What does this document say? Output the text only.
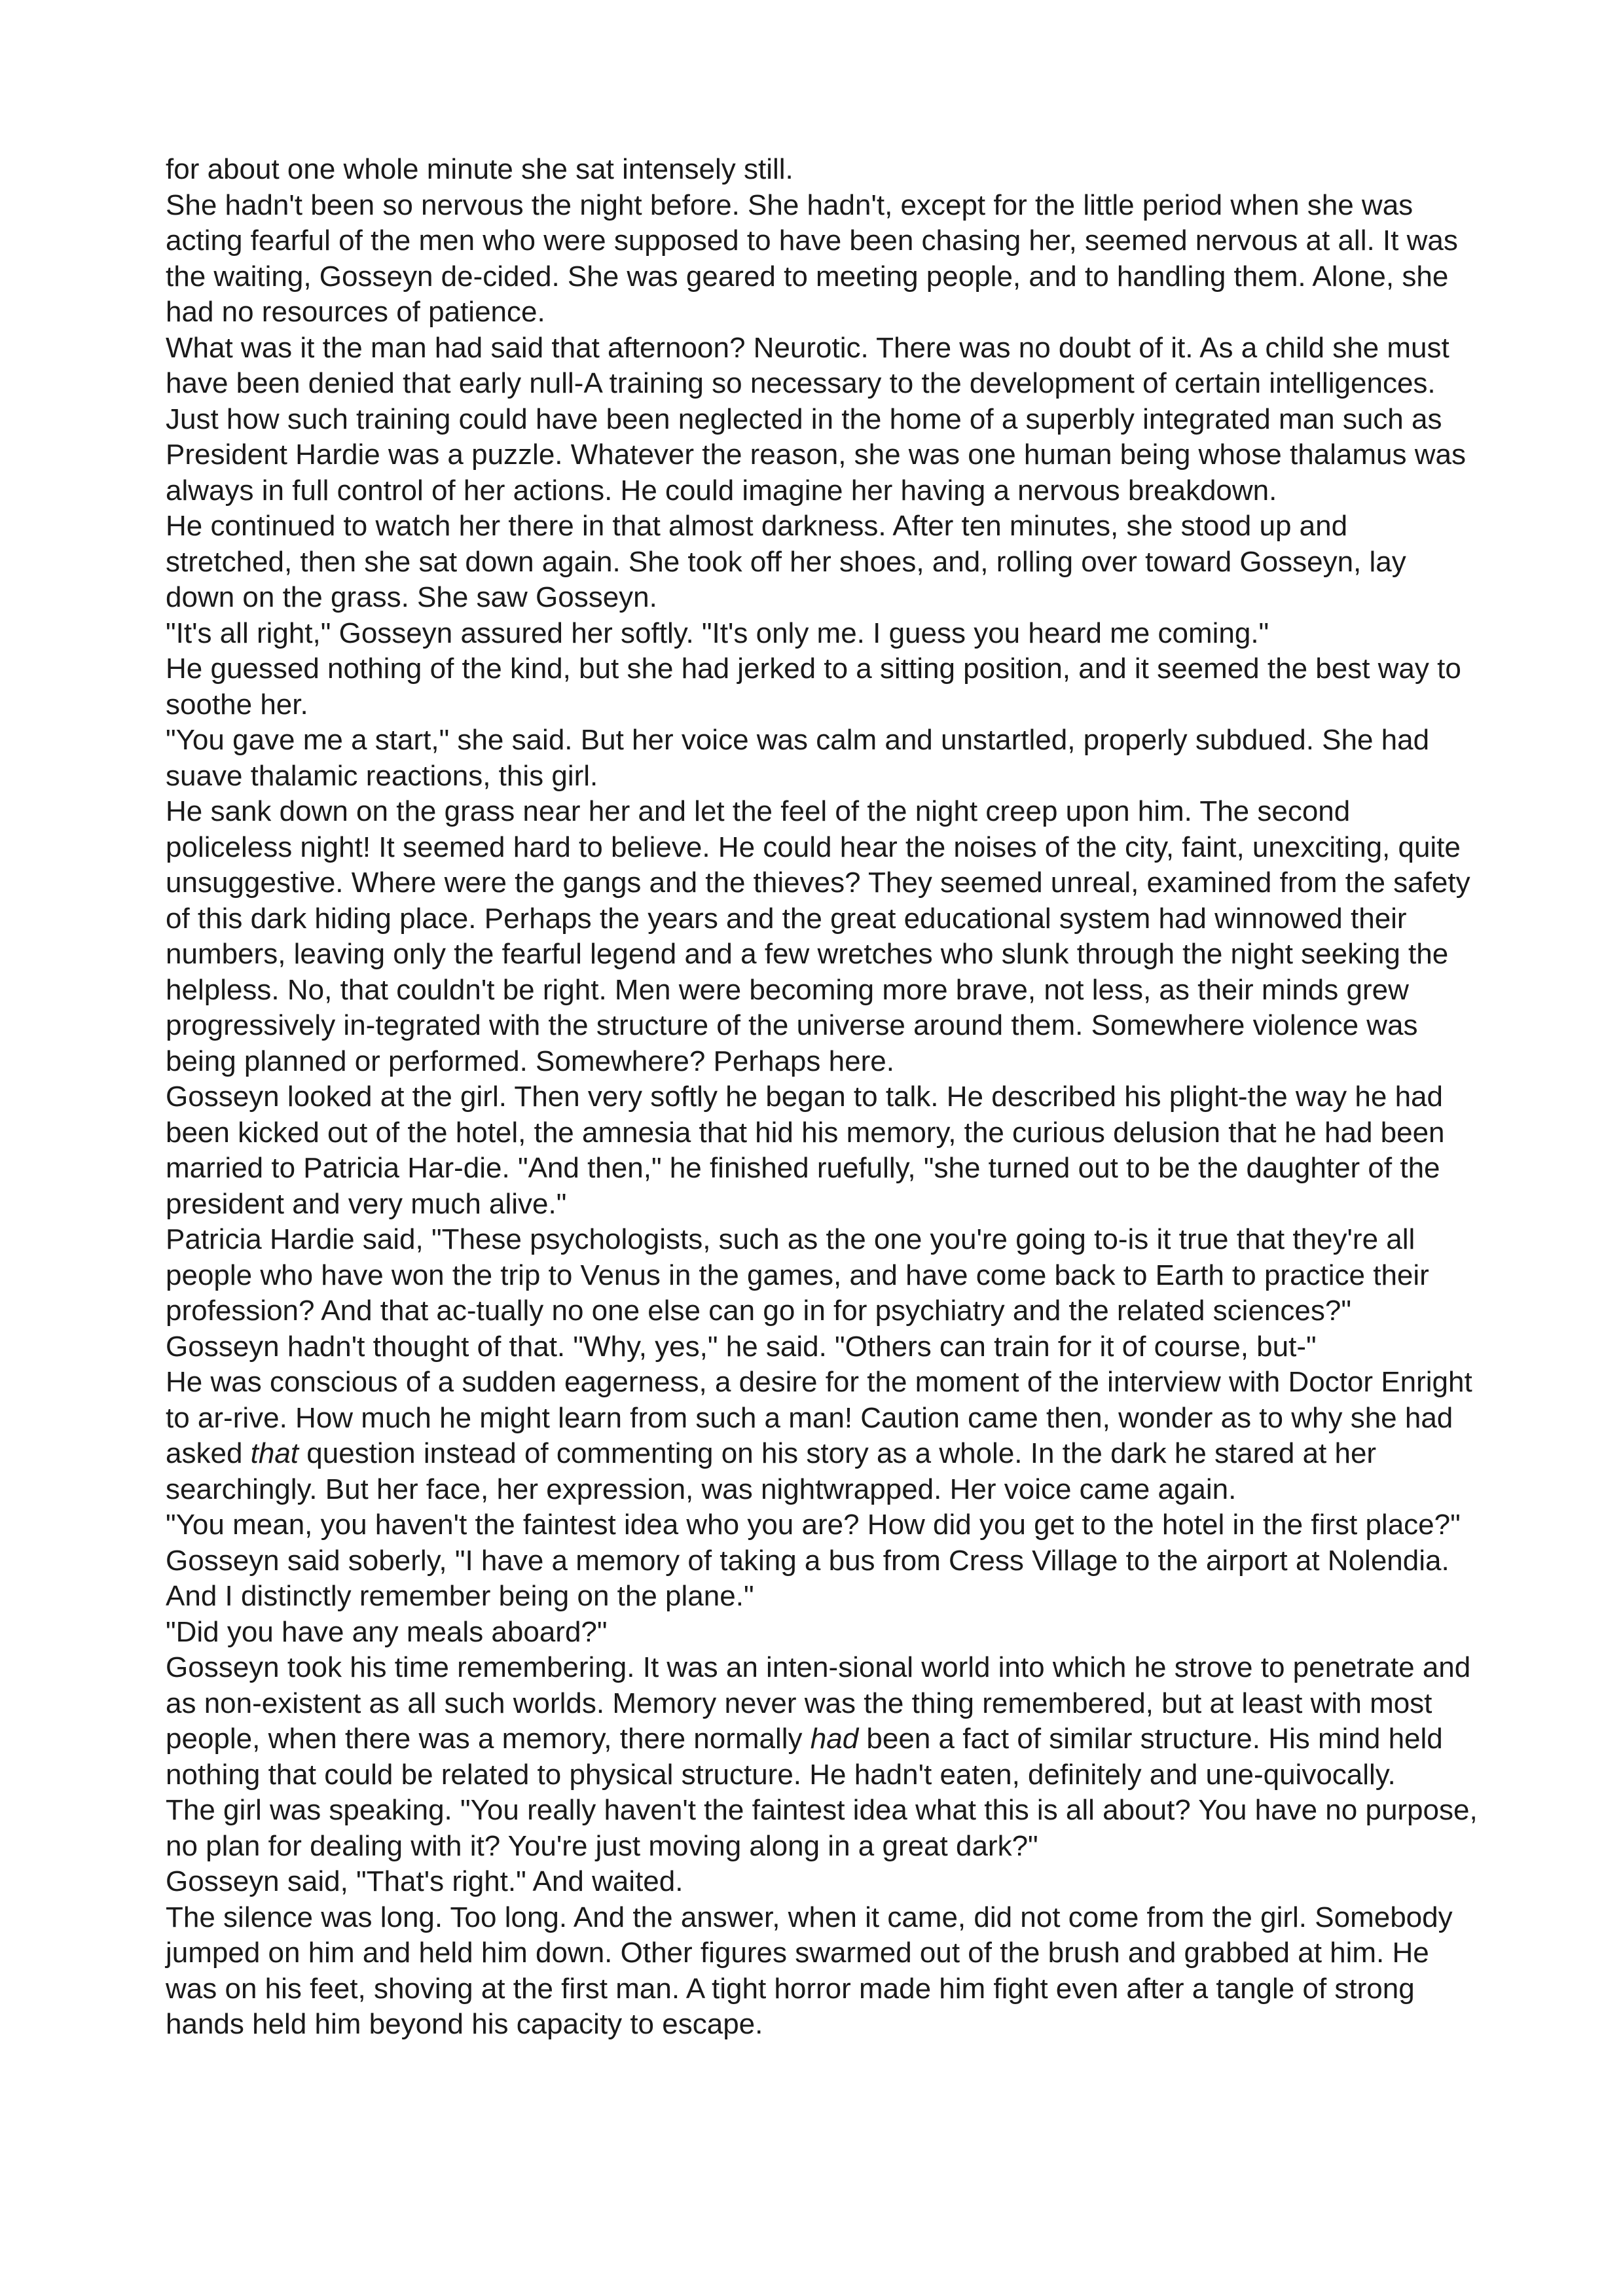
for about one whole minute she sat intensely still.

She hadn't been so nervous the night before. She hadn't, except for the little period when she was acting fearful of the men who were supposed to have been chasing her, seemed nervous at all. It was the waiting, Gosseyn de-cided. She was geared to meeting people, and to handling them. Alone, she had no resources of patience.

What was it the man had said that afternoon? Neurotic. There was no doubt of it. As a child she must have been denied that early null-A training so necessary to the development of certain intelligences. Just how such training could have been neglected in the home of a superbly integrated man such as President Hardie was a puzzle. Whatever the reason, she was one human being whose thalamus was always in full control of her actions. He could imagine her having a nervous breakdown.

He continued to watch her there in that almost darkness. After ten minutes, she stood up and stretched, then she sat down again. She took off her shoes, and, rolling over toward Gosseyn, lay down on the grass. She saw Gosseyn.

"It's all right," Gosseyn assured her softly. "It's only me. I guess you heard me coming."

He guessed nothing of the kind, but she had jerked to a sitting position, and it seemed the best way to soothe her.

"You gave me a start," she said. But her voice was calm and unstartled, properly subdued. She had suave thalamic reactions, this girl.

He sank down on the grass near her and let the feel of the night creep upon him. The second policeless night! It seemed hard to believe. He could hear the noises of the city, faint, unexciting, quite unsuggestive. Where were the gangs and the thieves? They seemed unreal, examined from the safety of this dark hiding place. Perhaps the years and the great educational system had winnowed their numbers, leaving only the fearful legend and a few wretches who slunk through the night seeking the helpless. No, that couldn't be right. Men were becoming more brave, not less, as their minds grew progressively in-tegrated with the structure of the universe around them. Somewhere violence was being planned or performed. Somewhere? Perhaps here.

Gosseyn looked at the girl. Then very softly he began to talk. He described his plight-the way he had been kicked out of the hotel, the amnesia that hid his memory, the curious delusion that he had been married to Patricia Har-die. "And then," he finished ruefully, "she turned out to be the daughter of the president and very much alive."

Patricia Hardie said, "These psychologists, such as the one you're going to-is it true that they're all people who have won the trip to Venus in the games, and have come back to Earth to practice their profession? And that ac-tually no one else can go in for psychiatry and the related sciences?"

Gosseyn hadn't thought of that. "Why, yes," he said. "Others can train for it of course, but-"

He was conscious of a sudden eagerness, a desire for the moment of the interview with Doctor Enright to ar-rive. How much he might learn from such a man! Caution came then, wonder as to why she had asked that question instead of commenting on his story as a whole. In the dark he stared at her searchingly. But her face, her expression, was nightwrapped. Her voice came again.

"You mean, you haven't the faintest idea who you are? How did you get to the hotel in the first place?"

Gosseyn said soberly, "I have a memory of taking a bus from Cress Village to the airport at Nolendia. And I distinctly remember being on the plane."

"Did you have any meals aboard?"

Gosseyn took his time remembering. It was an inten-sional world into which he strove to penetrate and as non-existent as all such worlds. Memory never was the thing remembered, but at least with most people, when there was a memory, there normally had been a fact of similar structure. His mind held nothing that could be related to physical structure. He hadn't eaten, definitely and une-quivocally.

The girl was speaking. "You really haven't the faintest idea what this is all about? You have no purpose, no plan for dealing with it? You're just moving along in a great dark?"

Gosseyn said, "That's right." And waited.

The silence was long. Too long. And the answer, when it came, did not come from the girl. Somebody jumped on him and held him down. Other figures swarmed out of the brush and grabbed at him. He was on his feet, shoving at the first man. A tight horror made him fight even after a tangle of strong hands held him beyond his capacity to escape.
